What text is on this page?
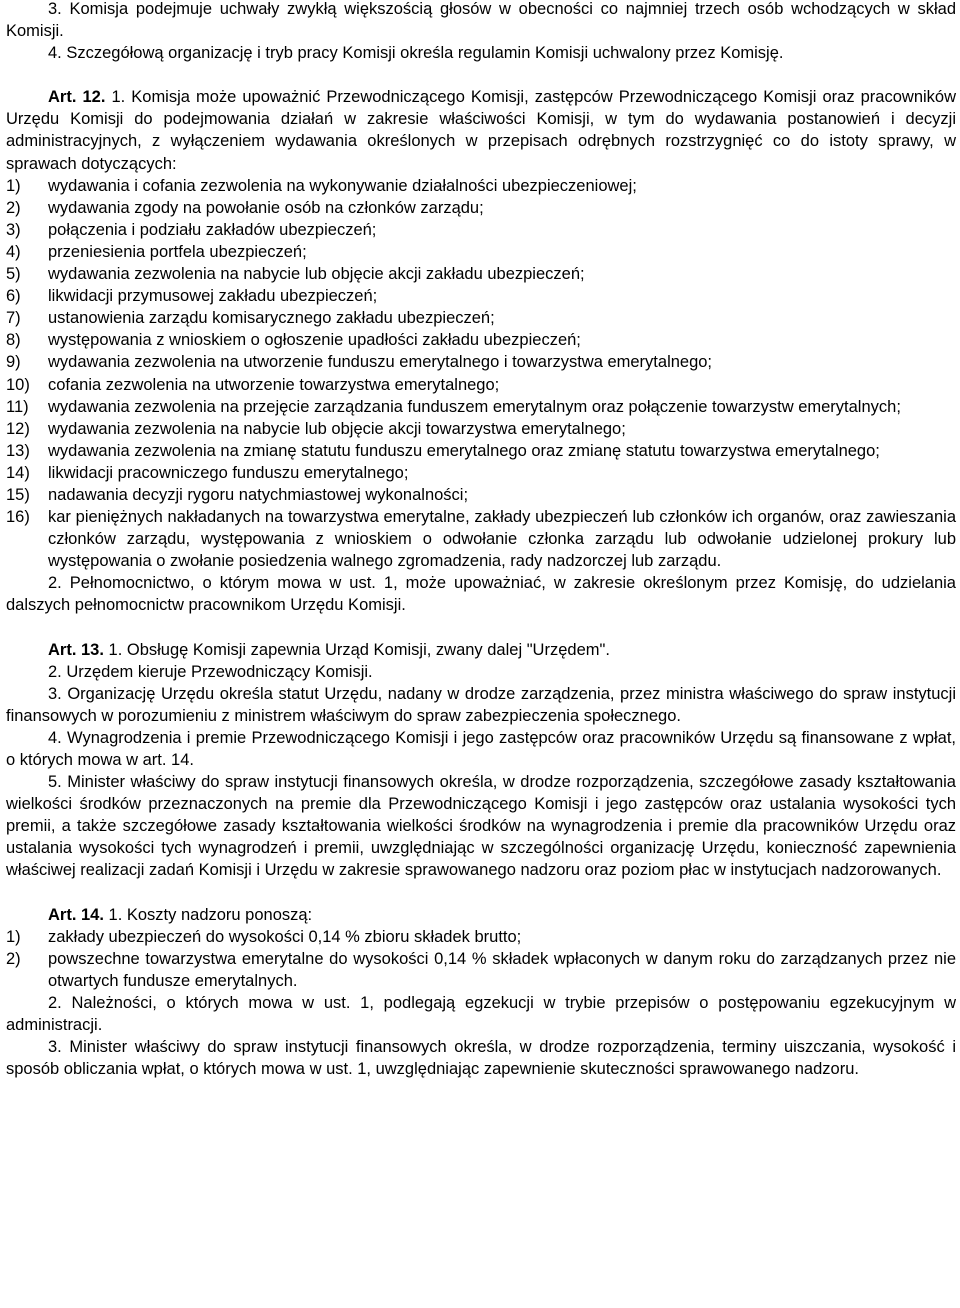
3. Komisja podejmuje uchwały zwykłą większością głosów w obecności co najmniej trzech osób wchodzących w skład Komisji.

4. Szczegółową organizację i tryb pracy Komisji określa regulamin Komisji uchwalony przez Komisję.

Art. 12. 1. Komisja może upoważnić Przewodniczącego Komisji, zastępców Przewodniczącego Komisji oraz pracowników Urzędu Komisji do podejmowania działań w zakresie właściwości Komisji, w tym do wydawania postanowień i decyzji administracyjnych, z wyłączeniem wydawania określonych w przepisach odrębnych rozstrzygnięć co do istoty sprawy, w sprawach dotyczących:

1) wydawania i cofania zezwolenia na wykonywanie działalności ubezpieczeniowej;
2) wydawania zgody na powołanie osób na członków zarządu;
3) połączenia i podziału zakładów ubezpieczeń;
4) przeniesienia portfela ubezpieczeń;
5) wydawania zezwolenia na nabycie lub objęcie akcji zakładu ubezpieczeń;
6) likwidacji przymusowej zakładu ubezpieczeń;
7) ustanowienia zarządu komisarycznego zakładu ubezpieczeń;
8) występowania z wnioskiem o ogłoszenie upadłości zakładu ubezpieczeń;
9) wydawania zezwolenia na utworzenie funduszu emerytalnego i towarzystwa emerytalnego;
10) cofania zezwolenia na utworzenie towarzystwa emerytalnego;
11) wydawania zezwolenia na przejęcie zarządzania funduszem emerytalnym oraz połączenie towarzystw emerytalnych;
12) wydawania zezwolenia na nabycie lub objęcie akcji towarzystwa emerytalnego;
13) wydawania zezwolenia na zmianę statutu funduszu emerytalnego oraz zmianę statutu towarzystwa emerytalnego;
14) likwidacji pracowniczego funduszu emerytalnego;
15) nadawania decyzji rygoru natychmiastowej wykonalności;
16) kar pieniężnych nakładanych na towarzystwa emerytalne, zakłady ubezpieczeń lub członków ich organów, oraz zawieszania członków zarządu, występowania z wnioskiem o odwołanie członka zarządu lub odwołanie udzielonej prokury lub występowania o zwołanie posiedzenia walnego zgromadzenia, rady nadzorczej lub zarządu.

2. Pełnomocnictwo, o którym mowa w ust. 1, może upoważniać, w zakresie określonym przez Komisję, do udzielania dalszych pełnomocnictw pracownikom Urzędu Komisji.

Art. 13. 1. Obsługę Komisji zapewnia Urząd Komisji, zwany dalej "Urzędem".

2. Urzędem kieruje Przewodniczący Komisji.

3. Organizację Urzędu określa statut Urzędu, nadany w drodze zarządzenia, przez ministra właściwego do spraw instytucji finansowych w porozumieniu z ministrem właściwym do spraw zabezpieczenia społecznego.

4. Wynagrodzenia i premie Przewodniczącego Komisji i jego zastępców oraz pracowników Urzędu są finansowane z wpłat, o których mowa w art. 14.

5. Minister właściwy do spraw instytucji finansowych określa, w drodze rozporządzenia, szczegółowe zasady kształtowania wielkości środków przeznaczonych na premie dla Przewodniczącego Komisji i jego zastępców oraz ustalania wysokości tych premii, a także szczegółowe zasady kształtowania wielkości środków na wynagrodzenia i premie dla pracowników Urzędu oraz ustalania wysokości tych wynagrodzeń i premii, uwzględniając w szczególności organizację Urzędu, konieczność zapewnienia właściwej realizacji zadań Komisji i Urzędu w zakresie sprawowanego nadzoru oraz poziom płac w instytucjach nadzorowanych.

Art. 14. 1. Koszty nadzoru ponoszą:

1) zakłady ubezpieczeń do wysokości 0,14 % zbioru składek brutto;
2) powszechne towarzystwa emerytalne do wysokości 0,14 % składek wpłaconych w danym roku do zarządzanych przez nie otwartych fundusze emerytalnych.

2. Należności, o których mowa w ust. 1, podlegają egzekucji w trybie przepisów o postępowaniu egzekucyjnym w administracji.

3. Minister właściwy do spraw instytucji finansowych określa, w drodze rozporządzenia, terminy uiszczania, wysokość i sposób obliczania wpłat, o których mowa w ust. 1, uwzględniając zapewnienie skuteczności sprawowanego nadzoru.
